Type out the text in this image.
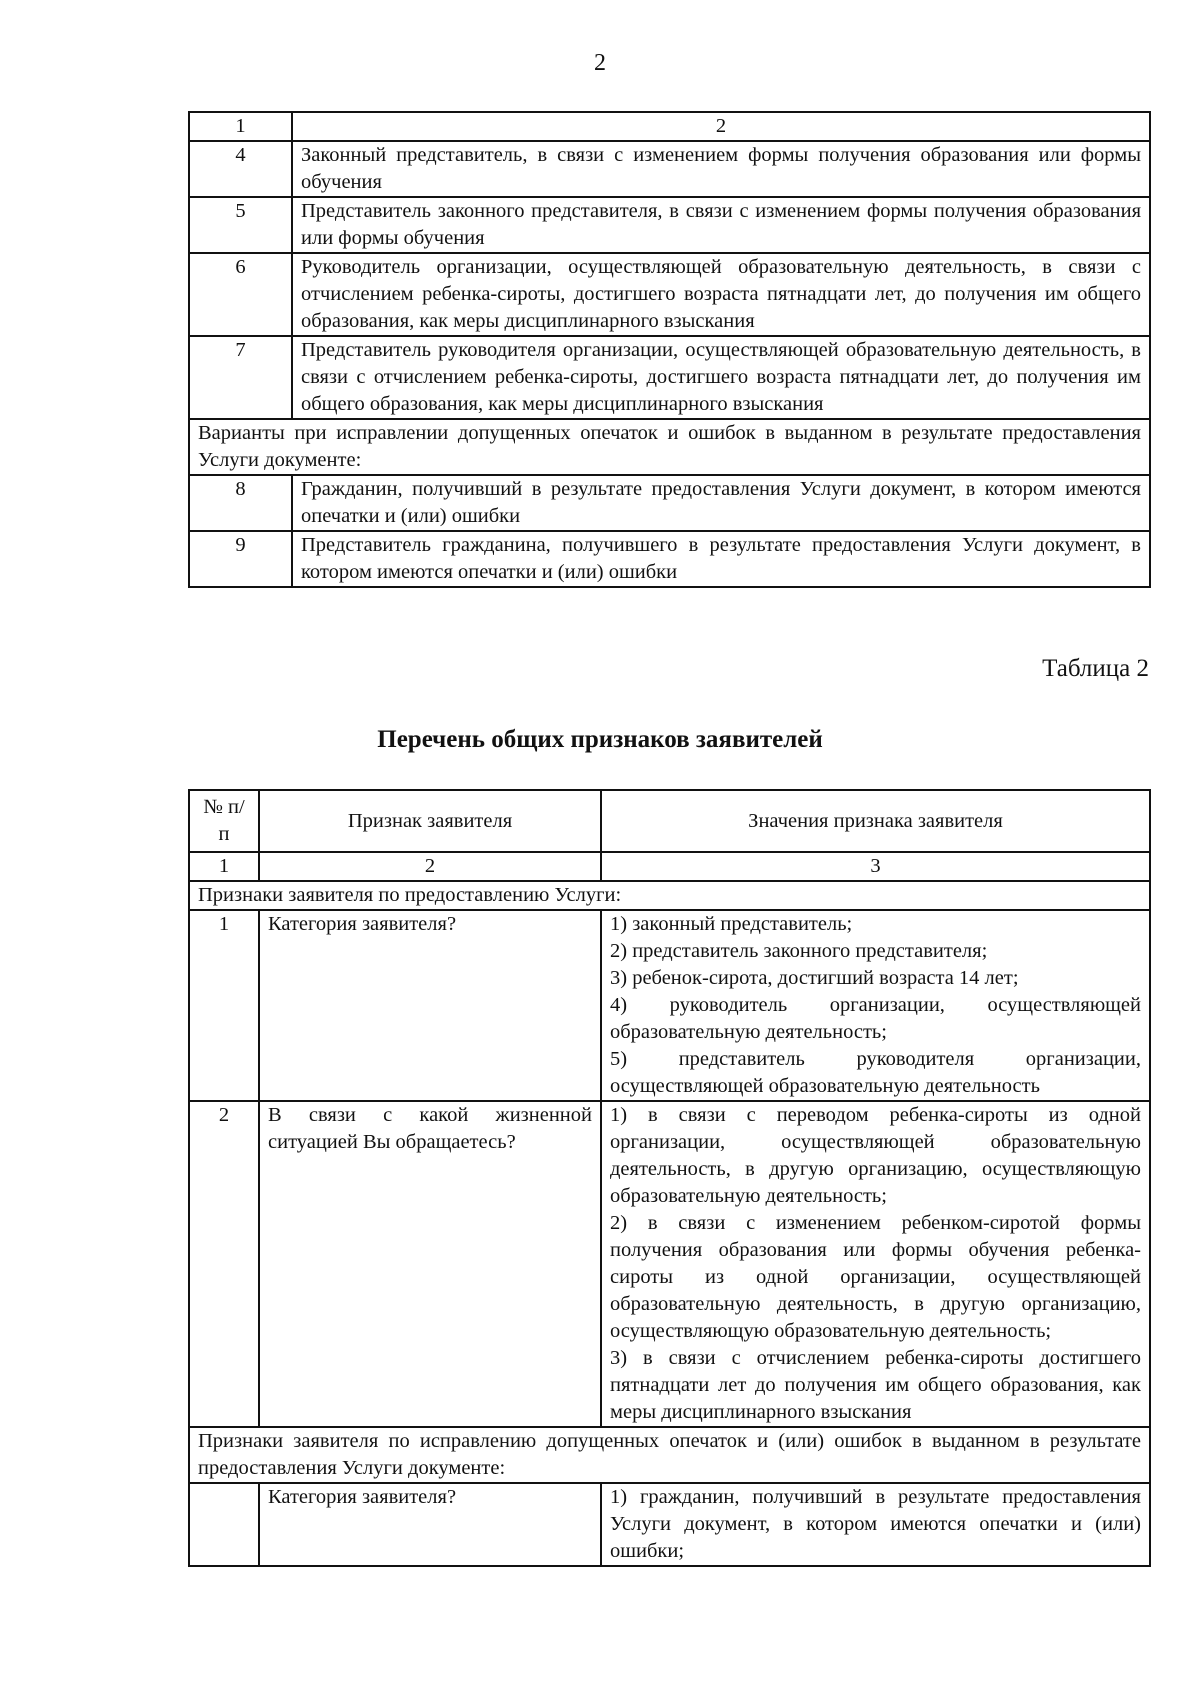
2
1	2
4	Законный представитель, в связи с изменением формы получения образования или формы обучения
5	Представитель законного представителя, в связи с изменением формы получения образования или формы обучения
6	Руководитель организации, осуществляющей образовательную деятельность, в связи с отчислением ребенка-сироты, достигшего возраста пятнадцати лет, до получения им общего образования, как меры дисциплинарного взыскания
7	Представитель руководителя организации, осуществляющей образовательную деятельность, в связи с отчислением ребенка-сироты, достигшего возраста пятнадцати лет, до получения им общего образования, как меры дисциплинарного взыскания
Варианты при исправлении допущенных опечаток и ошибок в выданном в результате предоставления Услуги документе:	
8	Гражданин, получивший в результате предоставления Услуги документ, в котором имеются опечатки и (или) ошибки
9	Представитель гражданина, получившего в результате предоставления Услуги документ, в котором имеются опечатки и (или) ошибки
Таблица 2
Перечень общих признаков заявителей
№ п/п	Признак заявителя	Значения признака заявителя
1	2	3
Признаки заявителя по предоставлению Услуги:		
1	Категория заявителя?	1) законный представитель;
2) представитель законного представителя;
3) ребенок-сирота, достигший возраста 14 лет;
4) руководитель организации, осуществляющей образовательную деятельность;
5) представитель руководителя организации, осуществляющей образовательную деятельность

2	В связи с какой жизненной ситуацией Вы обращаетесь?	1) в связи с переводом ребенка-сироты из одной организации, осуществляющей образовательную деятельность, в другую организацию, осуществляющую образовательную деятельность;
2) в связи с изменением ребенком-сиротой формы получения образования или формы обучения ребенка-сироты из одной организации, осуществляющей образовательную деятельность, в другую организацию, осуществляющую образовательную деятельность;
3) в связи с отчислением ребенка-сироты достигшего пятнадцати лет до получения им общего образования, как меры дисциплинарного взыскания

Признаки заявителя по исправлению допущенных опечаток и (или) ошибок в выданном в результате предоставления Услуги документе:		
	Категория заявителя?	1) гражданин, получивший в результате предоставления Услуги документ, в котором имеются опечатки и (или) ошибки;
